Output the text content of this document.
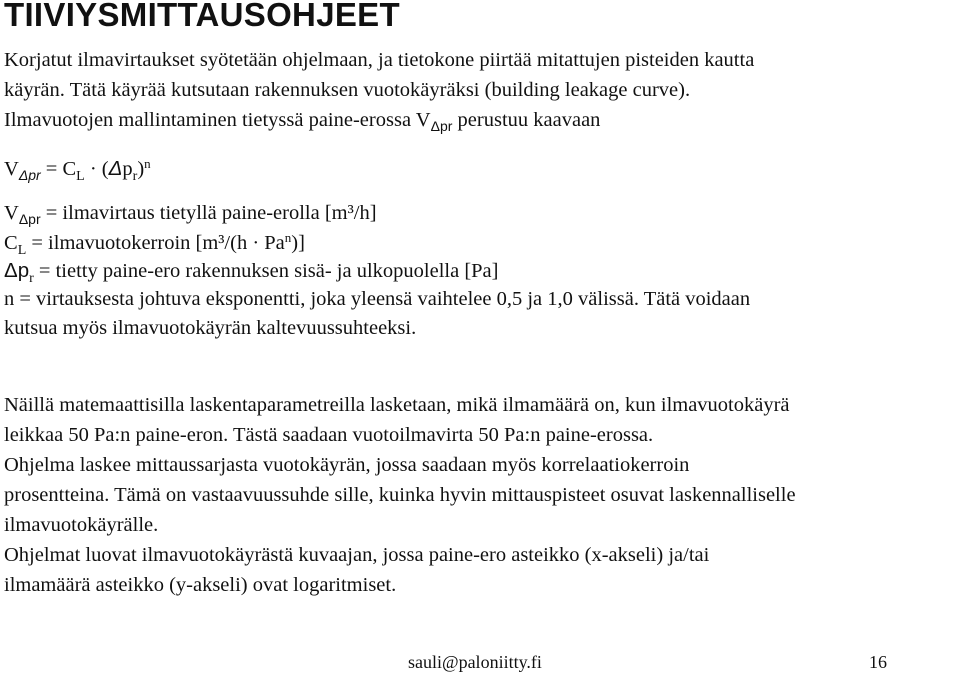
TIIVIYSMITTAUSOHJEET
Korjatut ilmavirtaukset syötetään ohjelmaan, ja tietokone piirtää mitattujen pisteiden kautta
käyrän. Tätä käyrää kutsutaan rakennuksen vuotokäyräksi (building leakage curve).
Ilmavuotojen mallintaminen tietyssä paine-erossa $V_{\Delta pr}$ perustuu kaavaan
$V_{\Delta pr} = C_L \cdot (\Delta p_r)^n$
$V_{\Delta pr}$ = ilmavirtaus tietyllä paine-erolla [m³/h]
$C_L$ = ilmavuotokerroin $[m^3/(h \cdot Pa^n)]$
$\Delta p_r$ = tietty paine-ero rakennuksen sisä- ja ulkopuolella [Pa]
n = virtauksesta johtuva eksponentti, joka yleensä vaihtelee 0,5 ja 1,0 välissä. Tätä voidaan
kutsua myös ilmavuotokäyrän kaltevuussuhteeksi.
Näillä matemaattisilla laskentaparametreilla lasketaan, mikä ilmamäärä on, kun ilmavuotokäyrä
leikkaa 50 Pa:n paine-eron. Tästä saadaan vuotoilmavirta 50 Pa:n paine-erossa.
Ohjelma laskee mittaussarjasta vuotokäyrän, jossa saadaan myös korrelaatiokerroin
prosentteina. Tämä on vastaavuussuhde sille, kuinka hyvin mittauspisteet osuvat laskennalliselle
ilmavuotokäyrälle.
Ohjelmat luovat ilmavuotokäyrästä kuvaajan, jossa paine-ero asteikko (x-akseli) ja/tai
ilmamäärä asteikko (y-akseli) ovat logaritmiset.
sauli@paloniitty.fi	16
